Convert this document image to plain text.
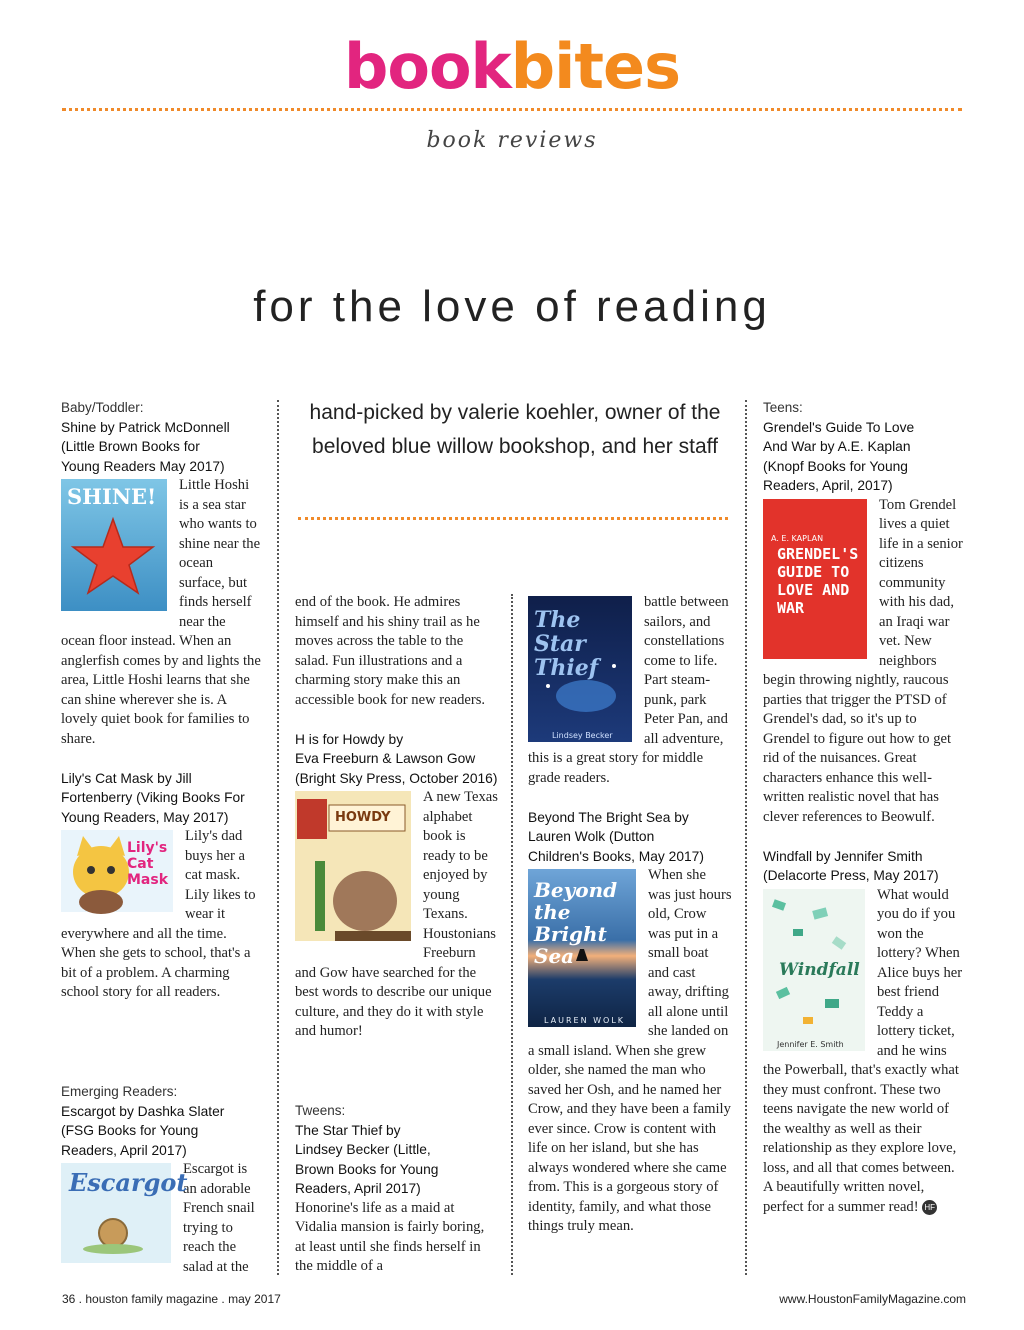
bookbites
book reviews
for the love of reading
Baby/Toddler:
Shine by Patrick McDonnell
(Little Brown Books for
Young Readers May 2017)
SHINE!	Little Hoshi is a sea star who wants to shine near the ocean surface, but finds herself near the ocean floor instead. When an anglerfish comes by and lights the area, Little Hoshi learns that she can shine wherever she is. A lovely quiet book for families to share.

Lily's Cat Mask by Jill
Fortenberry (Viking Books For
Young Readers, May 2017)
Lily's Cat Mask

Lily's dad buys her a cat mask. Lily likes to wear it everywhere and all the time. When she gets to school, that's a bit of a problem. A charming school story for all readers.

Emerging Readers:
Escargot by Dashka Slater
(FSG Books for Young
Readers, April 2017)
Escargot

Escargot is an adorable French snail trying to reach the salad at the

hand-picked by valerie koehler, owner of the beloved blue willow bookshop, and her staff

end of the book. He admires himself and his shiny trail as he moves across the table to the salad. Fun illustrations and a charming story make this an accessible book for new readers.

H is for Howdy by
Eva Freeburn & Lawson Gow
(Bright Sky Press, October 2016)
HOWDY

A new Texas alphabet book is ready to be enjoyed by young Texans. Houstonians Freeburn and Gow have searched for the best words to describe our unique culture, and they do it with style and humor!

Tweens:
The Star Thief by
Lindsey Becker (Little,
Brown Books for Young
Readers, April 2017)

Honorine's life as a maid at Vidalia mansion is fairly boring, at least until she finds herself in the middle of a

The Star Thief
Lindsey Becker

battle between sailors, and constellations come to life. Part steam-punk, park Peter Pan, and all adventure, this is a great story for middle grade readers.

Beyond The Bright Sea by
Lauren Wolk (Dutton
Children's Books, May 2017)
Beyond the Bright Sea
LAUREN WOLK

When she was just hours old, Crow was put in a small boat and cast away, drifting all alone until she landed on a small island. When she grew older, she named the man who saved her Osh, and he named her Crow, and they have been a family ever since. Crow is content with life on her island, but she has always wondered where she came from. This is a gorgeous story of identity, family, and what those things truly mean.

Teens:
Grendel's Guide To Love
And War by A.E. Kaplan
(Knopf Books for Young
Readers, April, 2017)
A. E. KAPLAN
GRENDEL'S GUIDE TO LOVE AND WAR

Tom Grendel lives a quiet life in a senior citizens community with his dad, an Iraqi war vet. New neighbors begin throwing nightly, raucous parties that trigger the PTSD of Grendel's dad, so it's up to Grendel to figure out how to get rid of the nuisances. Great characters enhance this well-written realistic novel that has clever references to Beowulf.

Windfall by Jennifer Smith
(Delacorte Press, May 2017)
Windfall
Jennifer E. Smith

What would you do if you won the lottery? When Alice buys her best friend Teddy a lottery ticket, and he wins the Powerball, that's exactly what they must confront. These two teens navigate the new world of the wealthy as well as their relationship as they explore love, loss, and all that comes between. A beautifully written novel, perfect for a summer read! HF

36 . houston family magazine . may 2017	www.HoustonFamilyMagazine.com
